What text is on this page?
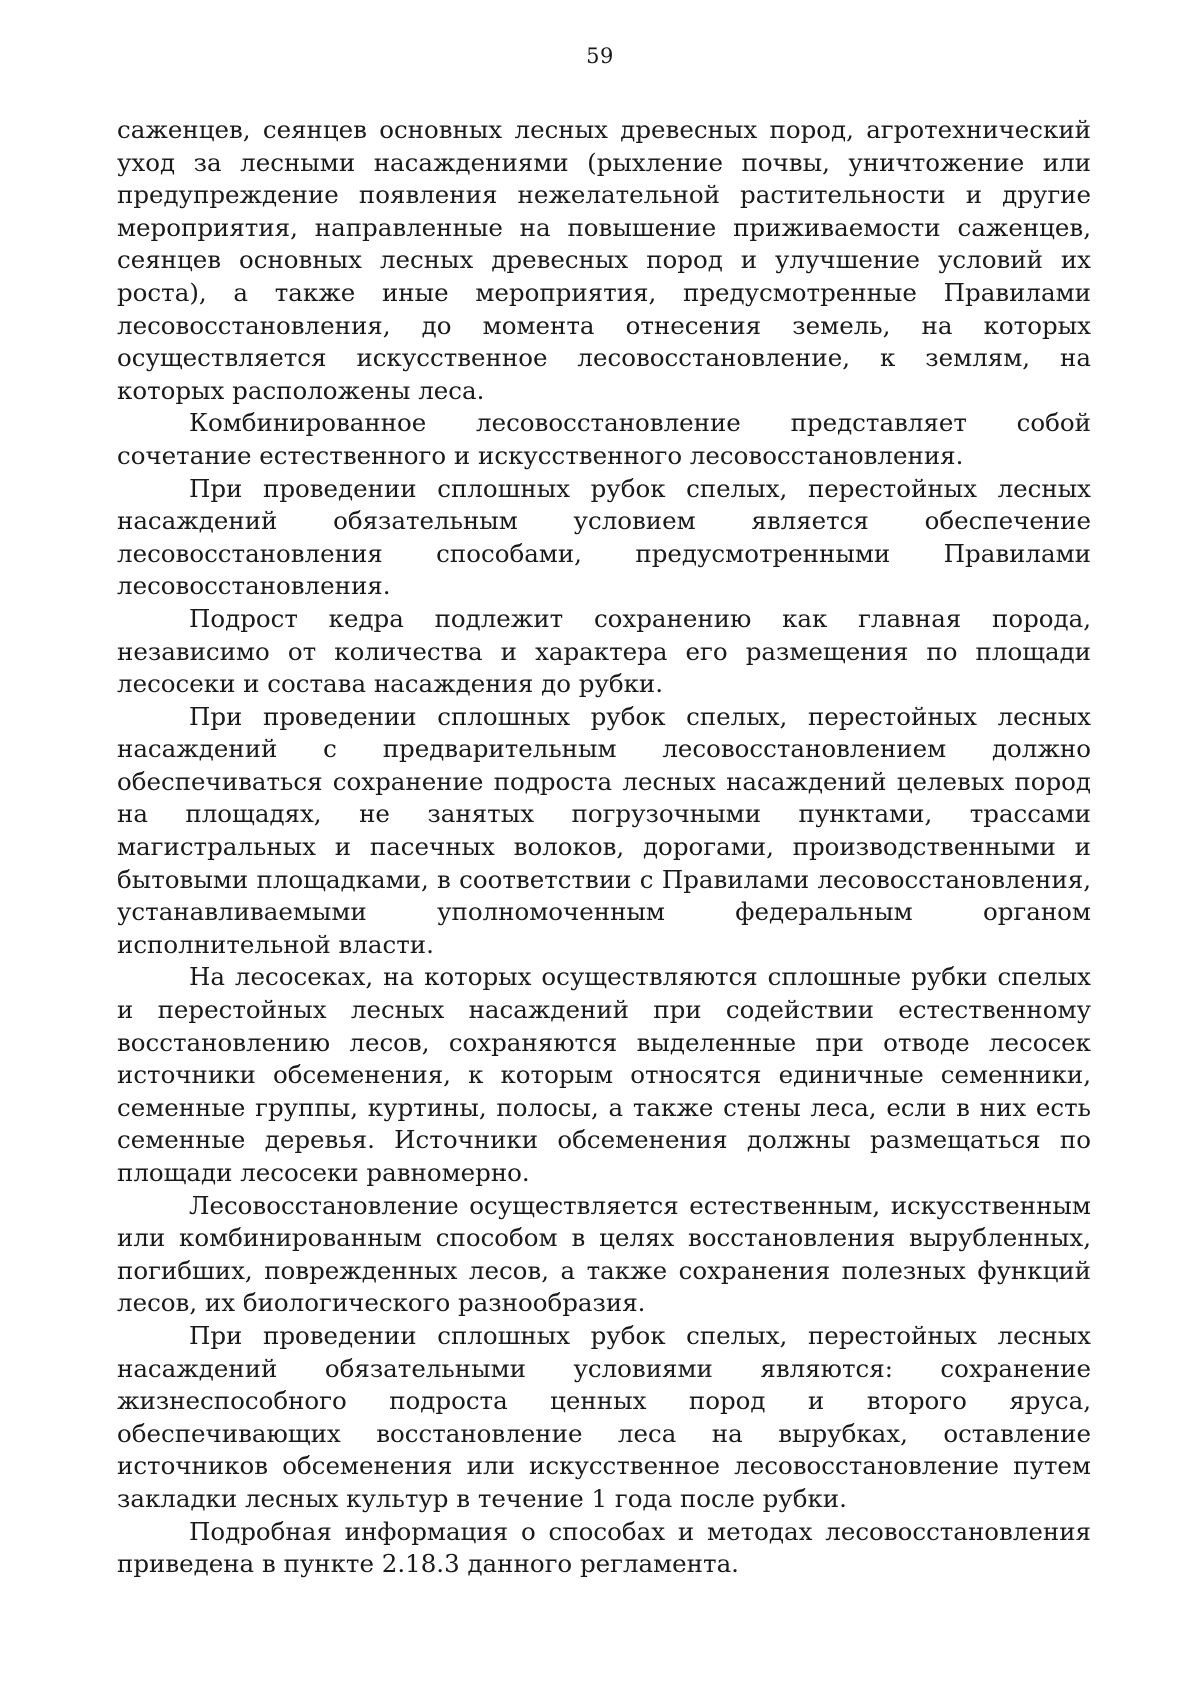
59

саженцев, сеянцев основных лесных древесных пород, агротехнический уход за лесными насаждениями (рыхление почвы, уничтожение или предупреждение появления нежелательной растительности и другие мероприятия, направленные на повышение приживаемости саженцев, сеянцев основных лесных древесных пород и улучшение условий их роста), а также иные мероприятия, предусмотренные Правилами лесовосстановления, до момента отнесения земель, на которых осуществляется искусственное лесовосстановление, к землям, на которых расположены леса.

Комбинированное лесовосстановление представляет собой сочетание естественного и искусственного лесовосстановления.

При проведении сплошных рубок спелых, перестойных лесных насаждений обязательным условием является обеспечение лесовосстановления способами, предусмотренными Правилами лесовосстановления.

Подрост кедра подлежит сохранению как главная порода, независимо от количества и характера его размещения по площади лесосеки и состава насаждения до рубки.

При проведении сплошных рубок спелых, перестойных лесных насаждений с предварительным лесовосстановлением должно обеспечиваться сохранение подроста лесных насаждений целевых пород на площадях, не занятых погрузочными пунктами, трассами магистральных и пасечных волоков, дорогами, производственными и бытовыми площадками, в соответствии с Правилами лесовосстановления, устанавливаемыми уполномоченным федеральным органом исполнительной власти.

На лесосеках, на которых осуществляются сплошные рубки спелых и перестойных лесных насаждений при содействии естественному восстановлению лесов, сохраняются выделенные при отводе лесосек источники обсеменения, к которым относятся единичные семенники, семенные группы, куртины, полосы, а также стены леса, если в них есть семенные деревья. Источники обсеменения должны размещаться по площади лесосеки равномерно.

Лесовосстановление осуществляется естественным, искусственным или комбинированным способом в целях восстановления вырубленных, погибших, поврежденных лесов, а также сохранения полезных функций лесов, их биологического разнообразия.

При проведении сплошных рубок спелых, перестойных лесных насаждений обязательными условиями являются: сохранение жизнеспособного подроста ценных пород и второго яруса, обеспечивающих восстановление леса на вырубках, оставление источников обсеменения или искусственное лесовосстановление путем закладки лесных культур в течение 1 года после рубки.

Подробная информация о способах и методах лесовосстановления приведена в пункте 2.18.3 данного регламента.
